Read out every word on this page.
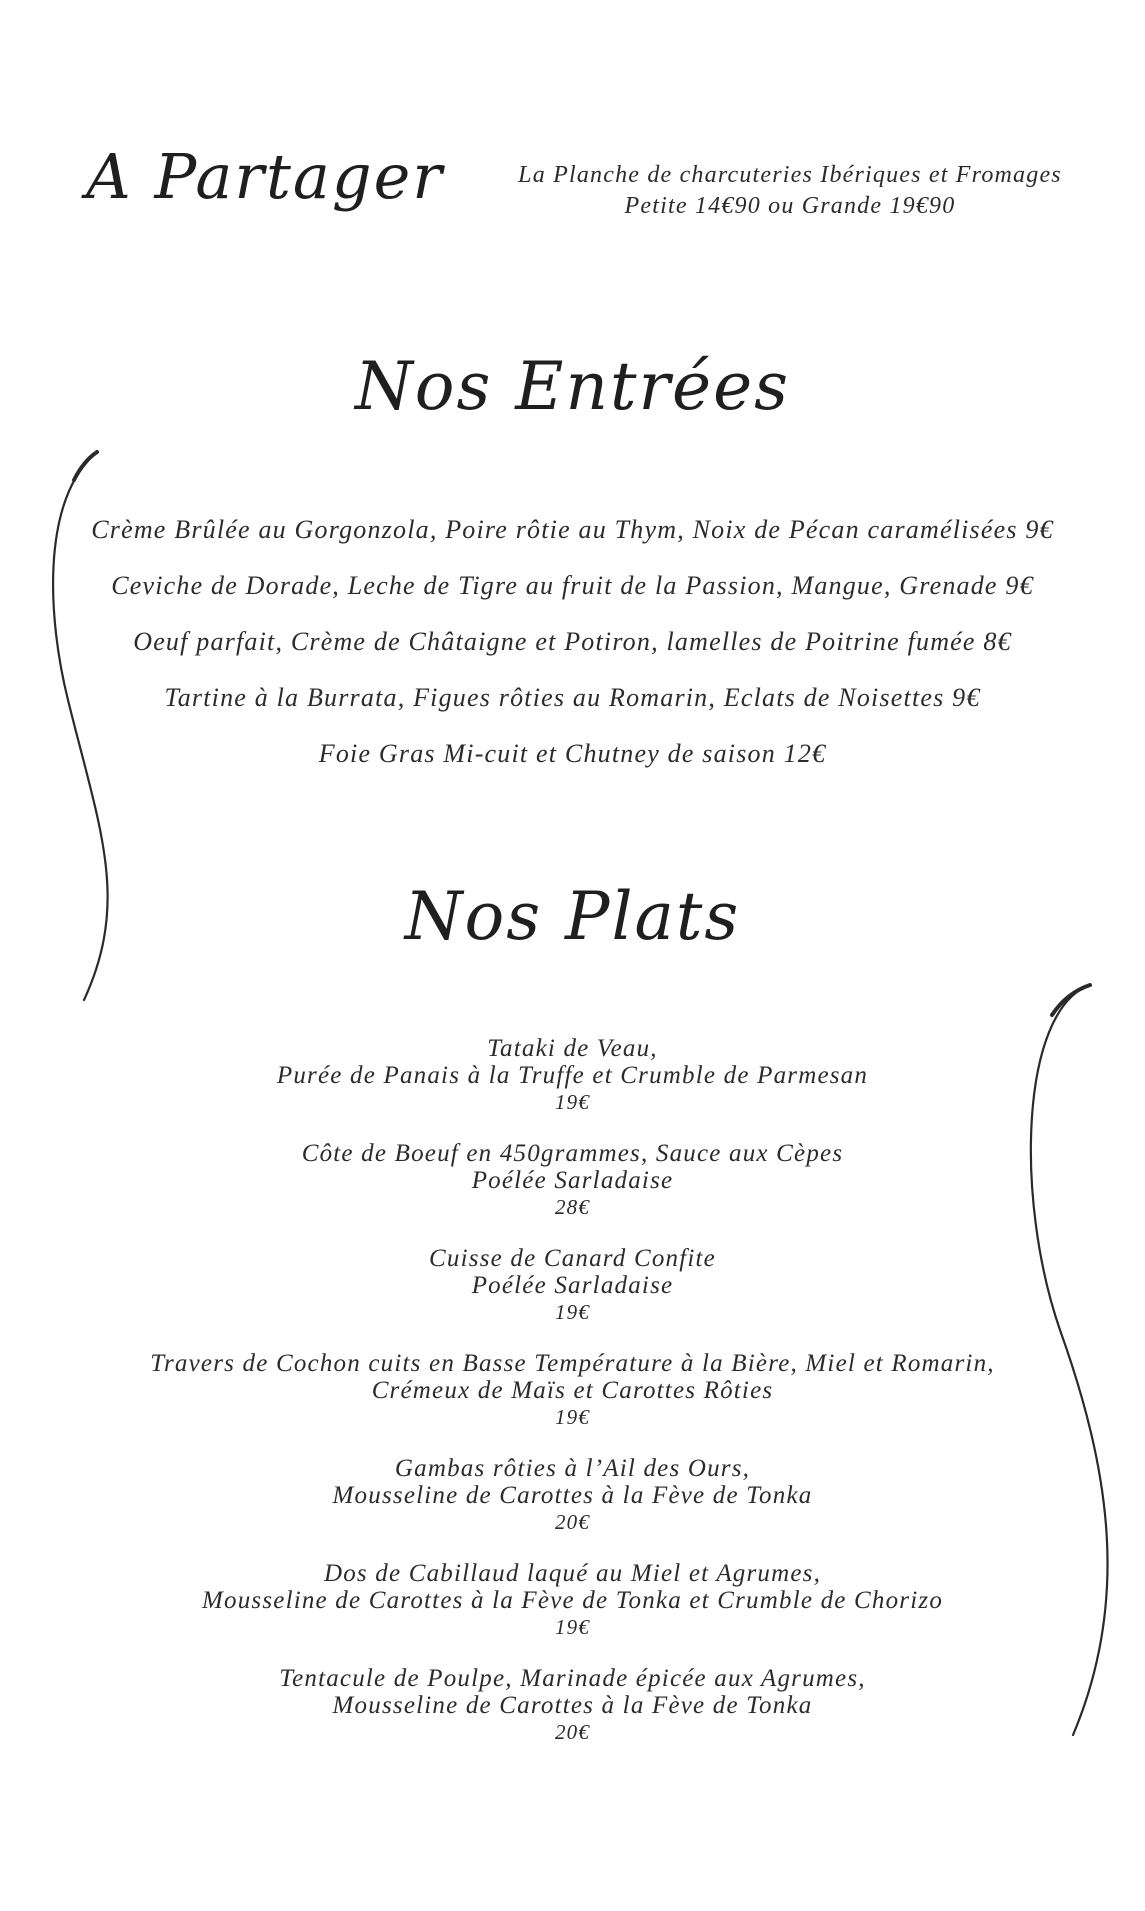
A Partager	La Planche de charcuteries Ibériques et Fromages
Petite 14€90 ou Grande 19€90
Nos Entrées
Crème Brûlée au Gorgonzola, Poire rôtie au Thym, Noix de Pécan caramélisées 9€
Ceviche de Dorade, Leche de Tigre au fruit de la Passion, Mangue, Grenade 9€
Oeuf parfait, Crème de Châtaigne et Potiron, lamelles de Poitrine fumée 8€
Tartine à la Burrata, Figues rôties au Romarin, Eclats de Noisettes 9€
Foie Gras Mi-cuit et Chutney de saison 12€
Nos Plats
Tataki de Veau,
Purée de Panais à la Truffe et Crumble de Parmesan
19€
Côte de Boeuf en 450grammes, Sauce aux Cèpes
Poélée Sarladaise
28€
Cuisse de Canard Confite
Poélée Sarladaise
19€
Travers de Cochon cuits en Basse Température à la Bière, Miel et Romarin,
Crémeux de Maïs et Carottes Rôties
19€
Gambas rôties à l’Ail des Ours,
Mousseline de Carottes à la Fève de Tonka
20€
Dos de Cabillaud laqué au Miel et Agrumes,
Mousseline de Carottes à la Fève de Tonka et Crumble de Chorizo
19€
Tentacule de Poulpe, Marinade épicée aux Agrumes,
Mousseline de Carottes à la Fève de Tonka
20€
